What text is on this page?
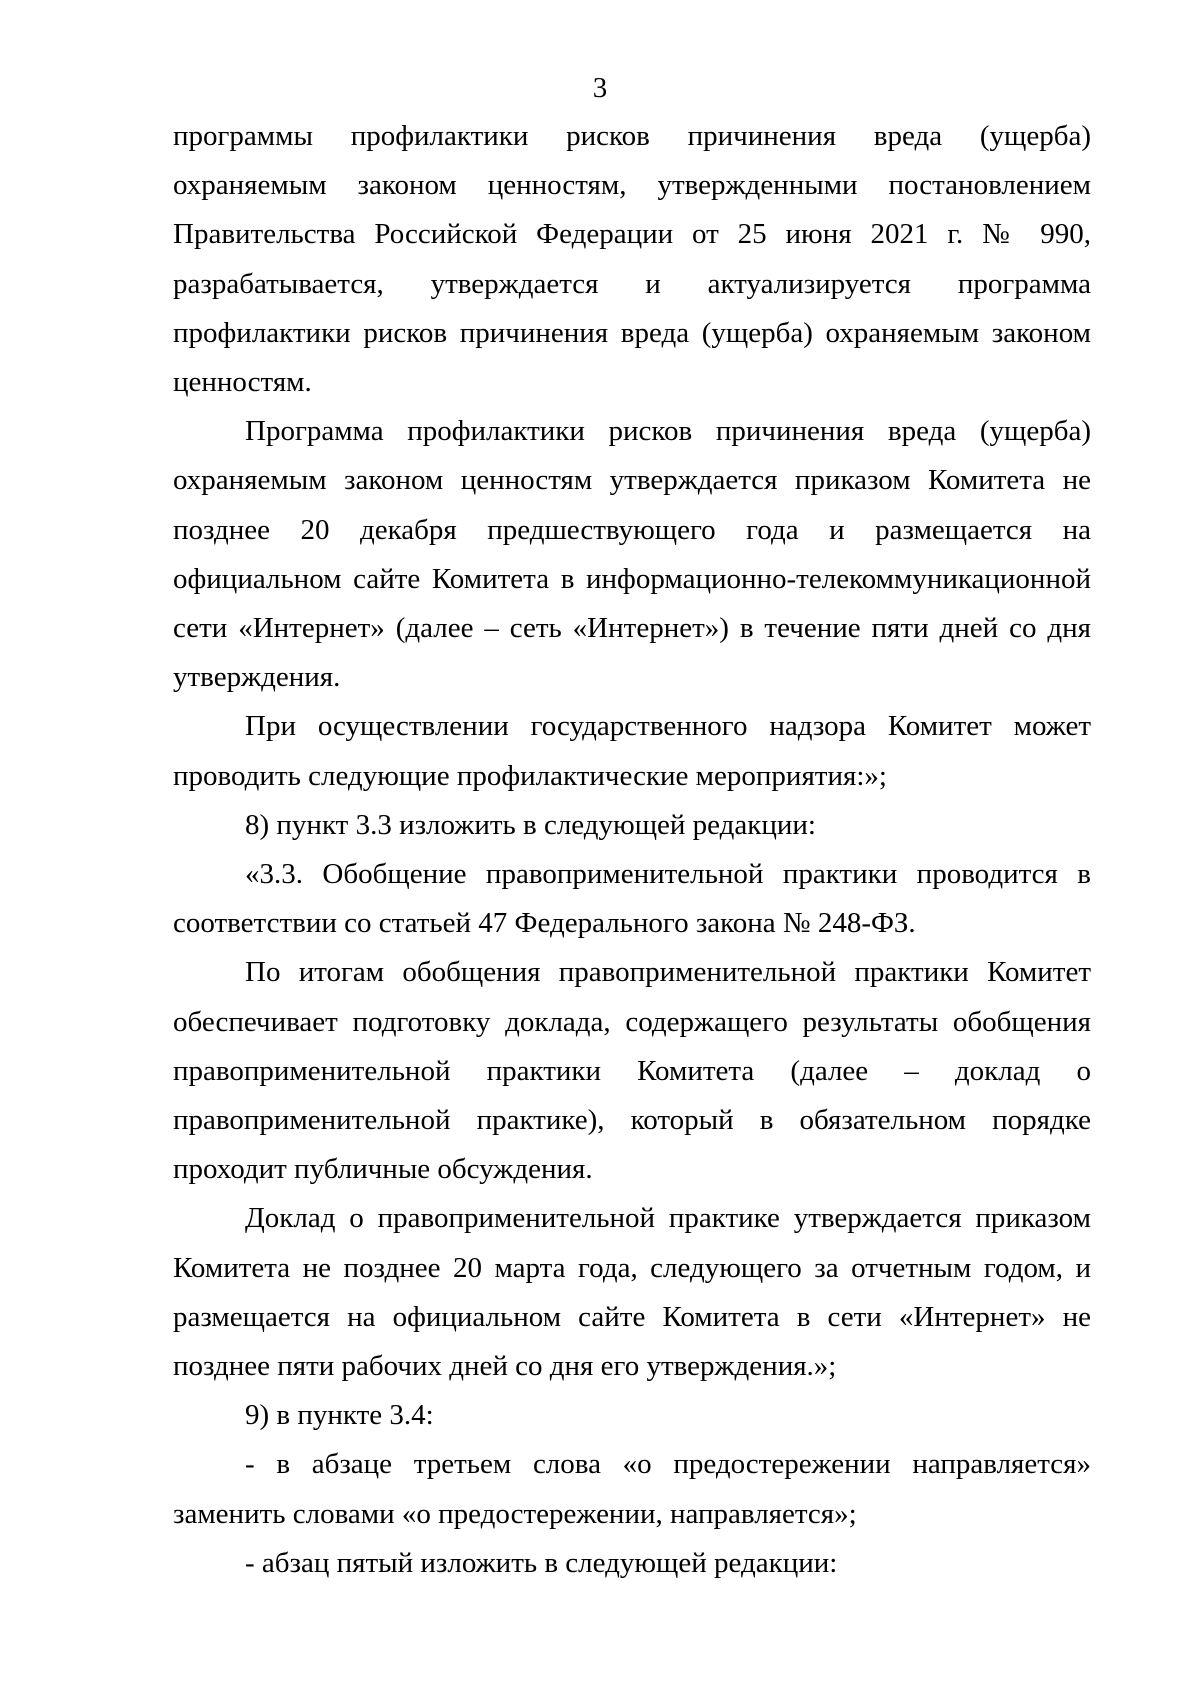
3

программы профилактики рисков причинения вреда (ущерба) охраняемым законом ценностям, утвержденными постановлением Правительства Российской Федерации от 25 июня 2021 г. № 990, разрабатывается, утверждается и актуализируется программа профилактики рисков причинения вреда (ущерба) охраняемым законом ценностям.

Программа профилактики рисков причинения вреда (ущерба) охраняемым законом ценностям утверждается приказом Комитета не позднее 20 декабря предшествующего года и размещается на официальном сайте Комитета в информационно-телекоммуникационной сети «Интернет» (далее – сеть «Интернет») в течение пяти дней со дня утверждения.

При осуществлении государственного надзора Комитет может проводить следующие профилактические мероприятия:»;

8) пункт 3.3 изложить в следующей редакции:

«3.3. Обобщение правоприменительной практики проводится в соответствии со статьей 47 Федерального закона № 248-ФЗ.

По итогам обобщения правоприменительной практики Комитет обеспечивает подготовку доклада, содержащего результаты обобщения правоприменительной практики Комитета (далее – доклад о правоприменительной практике), который в обязательном порядке проходит публичные обсуждения.

Доклад о правоприменительной практике утверждается приказом Комитета не позднее 20 марта года, следующего за отчетным годом, и размещается на официальном сайте Комитета в сети «Интернет» не позднее пяти рабочих дней со дня его утверждения.»;

9) в пункте 3.4:

- в абзаце третьем слова «о предостережении направляется» заменить словами «о предостережении, направляется»;

- абзац пятый изложить в следующей редакции:
